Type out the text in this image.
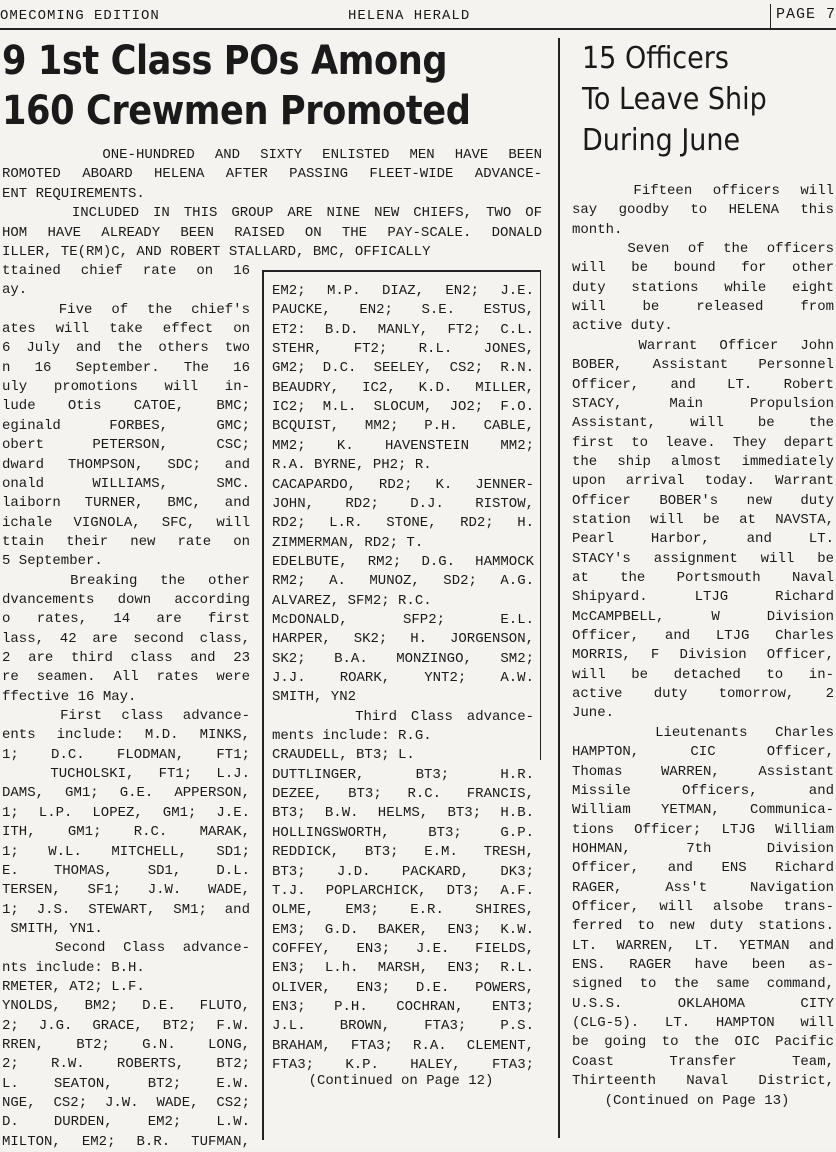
OMECOMING EDITION	HELENA HERALD	PAGE 7
9 1st Class POs Among
160 Crewmen Promoted
ONE-HUNDRED AND SIXTY ENLISTED MEN HAVE BEEN
ROMOTED ABOARD HELENA AFTER PASSING FLEET-WIDE ADVANCE-
ENT REQUIREMENTS.
INCLUDED IN THIS GROUP ARE NINE NEW CHIEFS, TWO OF
HOM HAVE ALREADY BEEN RAISED ON THE PAY-SCALE. DONALD
ILLER, TE(RM)C, AND ROBERT STALLARD, BMC, OFFICALLY
ttained chief rate on 16
ay.
Five of the chief's
ates will take effect on
6 July and the others two
n 16 September. The 16
uly promotions will in-
lude Otis CATOE, BMC;
eginald FORBES, GMC;
obert PETERSON, CSC;
dward THOMPSON, SDC; and
onald WILLIAMS, SMC.
laiborn TURNER, BMC, and
ichale VIGNOLA, SFC, will
ttain their new rate on
5 September.
Breaking the other
dvancements down according
o rates, 14 are first
lass, 42 are second class,
2 are third class and 23
re seamen. All rates were
ffective 16 May.
First class advance-
ents include: M.D. MINKS,
1; D.C. FLODMAN, FT1;
TUCHOLSKI, FT1; L.J.
DAMS, GM1; G.E. APPERSON,
1; L.P. LOPEZ, GM1; J.E.
ITH, GM1; R.C. MARAK,
1; W.L. MITCHELL, SD1;
E. THOMAS, SD1, D.L.
TERSEN, SF1; J.W. WADE,
1; J.S. STEWART, SM1; and
SMITH, YN1.
Second Class advance-
nts include: B.H.
RMETER, AT2; L.F.
YNOLDS, BM2; D.E. FLUTO,
2; J.G. GRACE, BT2; F.W.
RREN, BT2; G.N. LONG,
2; R.W. ROBERTS, BT2;
L. SEATON, BT2; E.W.
NGE, CS2; J.W. WADE, CS2;
D. DURDEN, EM2; L.W.
MILTON, EM2; B.R. TUFMAN,
EM2; M.P. DIAZ, EN2; J.E.
PAUCKE, EN2; S.E. ESTUS,
ET2: B.D. MANLY, FT2; C.L.
STEHR, FT2; R.L. JONES,
GM2; D.C. SEELEY, CS2; R.N.
BEAUDRY, IC2, K.D. MILLER,
IC2; M.L. SLOCUM, JO2; F.O.
BCQUIST, MM2; P.H. CABLE,
MM2; K. HAVENSTEIN MM2;
R.A. BYRNE, PH2; R.
CACAPARDO, RD2; K. JENNER-
JOHN, RD2; D.J. RISTOW,
RD2; L.R. STONE, RD2; H.
ZIMMERMAN, RD2; T.
EDELBUTE, RM2; D.G. HAMMOCK
RM2; A. MUNOZ, SD2; A.G.
ALVAREZ, SFM2; R.C.
McDONALD, SFP2; E.L.
HARPER, SK2; H. JORGENSON,
SK2; B.A. MONZINGO, SM2;
J.J. ROARK, YNT2; A.W.
SMITH, YN2
Third Class advance-
ments include: R.G.
CRAUDELL, BT3; L.
DUTTLINGER, BT3; H.R.
DEZEE, BT3; R.C. FRANCIS,
BT3; B.W. HELMS, BT3; H.B.
HOLLINGSWORTH, BT3; G.P.
REDDICK, BT3; E.M. TRESH,
BT3; J.D. PACKARD, DK3;
T.J. POPLARCHICK, DT3; A.F.
OLME, EM3; E.R. SHIRES,
EM3; G.D. BAKER, EN3; K.W.
COFFEY, EN3; J.E. FIELDS,
EN3; L.h. MARSH, EN3; R.L.
OLIVER, EN3; D.E. POWERS,
EN3; P.H. COCHRAN, ENT3;
J.L. BROWN, FTA3; P.S.
BRAHAM, FTA3; R.A. CLEMENT,
FTA3; K.P. HALEY, FTA3;
15 Officers
To Leave Ship
During June
Fifteen officers will
say goodby to HELENA this
month.
Seven of the officers
will be bound for other
duty stations while eight
will be released from
active duty.
Warrant Officer John
BOBER, Assistant Personnel
Officer, and LT. Robert
STACY, Main Propulsion
Assistant, will be the
first to leave. They depart
the ship almost immediately
upon arrival today. Warrant
Officer BOBER's new duty
station will be at NAVSTA,
Pearl Harbor, and LT.
STACY's assignment will be
at the Portsmouth Naval
Shipyard. LTJG Richard
McCAMPBELL, W Division
Officer, and LTJG Charles
MORRIS, F Division Officer,
will be detached to in-
active duty tomorrow, 2
June.
Lieutenants Charles
HAMPTON, CIC Officer,
Thomas WARREN, Assistant
Missile Officers, and
William YETMAN, Communica-
tions Officer; LTJG William
HOHMAN, 7th Division
Officer, and ENS Richard
RAGER, Ass't Navigation
Officer, will alsobe trans-
ferred to new duty stations.
LT. WARREN, LT. YETMAN and
ENS. RAGER have been as-
signed to the same command,
U.S.S. OKLAHOMA CITY
(CLG-5). LT. HAMPTON will
be going to the OIC Pacific
Coast Transfer Team,
Thirteenth Naval District,
(Continued on Page 12)
(Continued on Page 13)
